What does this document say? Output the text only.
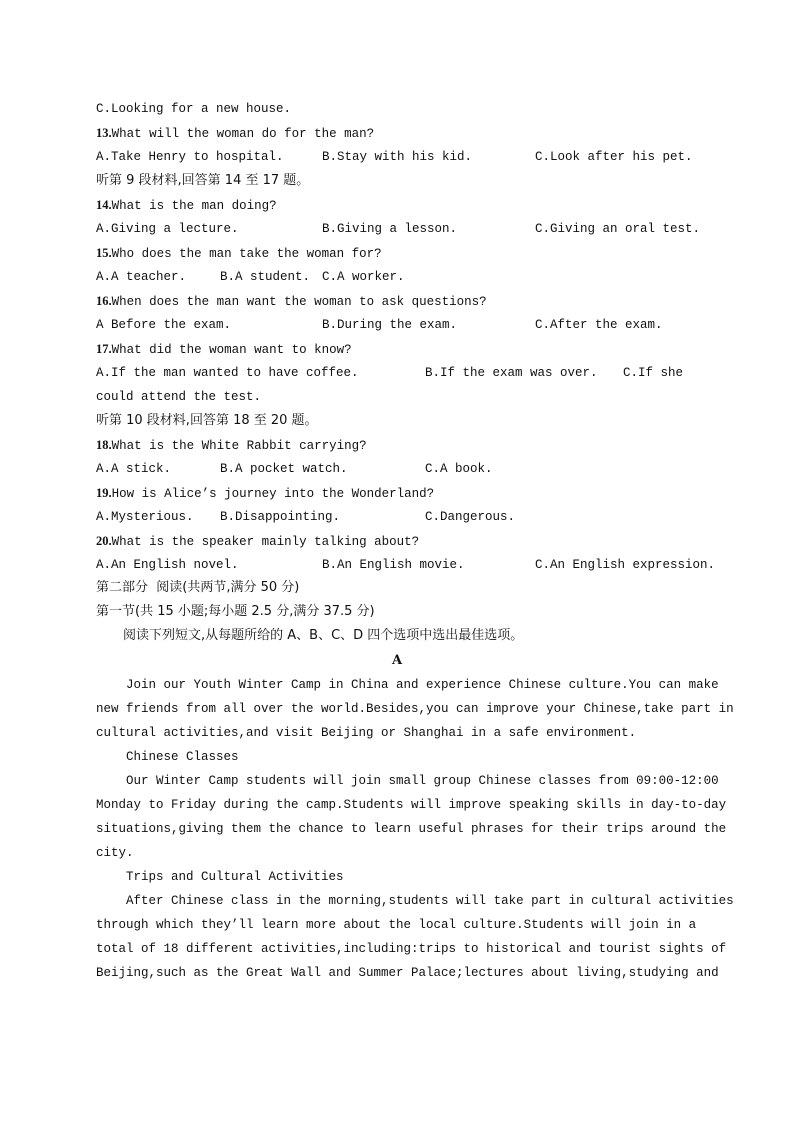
C.Looking for a new house.
13.What will the woman do for the man?
A.Take Henry to hospital.	B.Stay with his kid.	C.Look after his pet.
听第 9 段材料,回答第 14 至 17 题。
14.What is the man doing?
A.Giving a lecture.	B.Giving a lesson.	C.Giving an oral test.
15.Who does the man take the woman for?
A.A teacher.	B.A student. C.A worker.
16.When does the man want the woman to ask questions?
A Before the exam.	B.During the exam.	C.After the exam.
17.What did the woman want to know?
A.If the man wanted to have coffee.	B.If the exam was over. C.If she
could attend the test.
听第 10 段材料,回答第 18 至 20 题。
18.What is the White Rabbit carrying?
A.A stick.	B.A pocket watch.	C.A book.
19.How is Alice’s journey into the Wonderland?
A.Mysterious. B.Disappointing.	C.Dangerous.
20.What is the speaker mainly talking about?
A.An English novel.	B.An English movie.	C.An English expression.
第二部分  阅读(共两节,满分 50 分)
第一节(共 15 小题;每小题 2.5 分,满分 37.5 分)
阅读下列短文,从每题所给的 A、B、C、D 四个选项中选出最佳选项。
A
Join our Youth Winter Camp in China and experience Chinese culture.You can make
new friends from all over the world.Besides,you can improve your Chinese,take part in
cultural activities,and visit Beijing or Shanghai in a safe environment.
Chinese Classes
Our Winter Camp students will join small group Chinese classes from 09:00-12:00
Monday to Friday during the camp.Students will improve speaking skills in day-to-day
situations,giving them the chance to learn useful phrases for their trips around the
city.
Trips and Cultural Activities
After Chinese class in the morning,students will take part in cultural activities
through which they’ll learn more about the local culture.Students will join in a
total of 18 different activities,including:trips to historical and tourist sights of
Beijing,such as the Great Wall and Summer Palace;lectures about living,studying and
